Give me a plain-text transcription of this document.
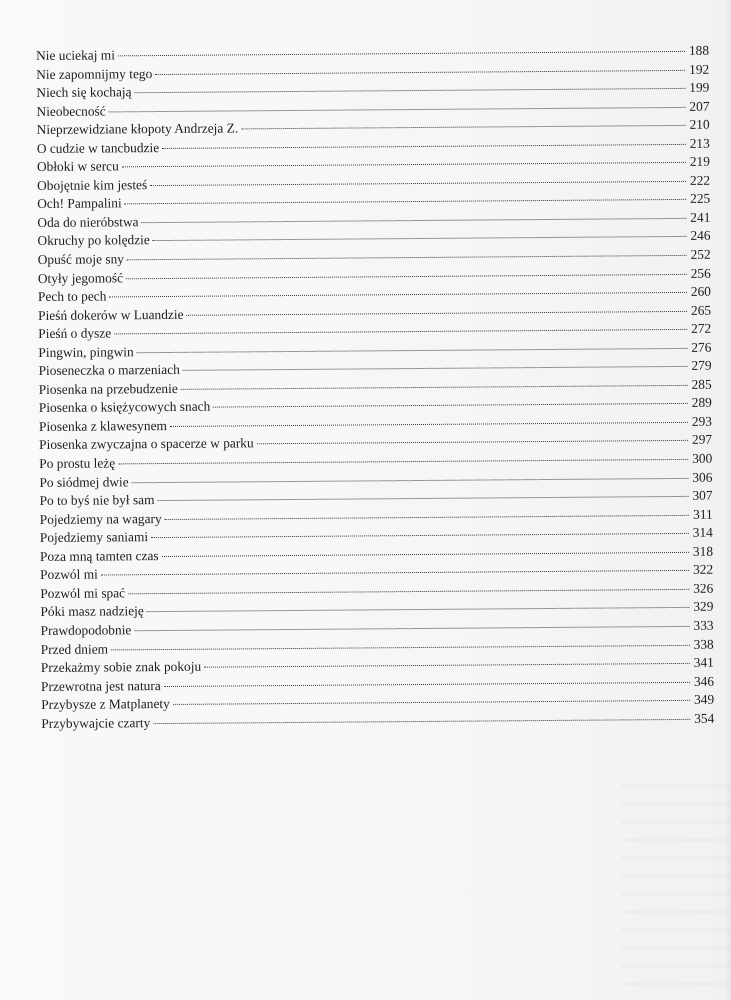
Nie uciekaj mi	188
Nie zapomnijmy tego	192
Niech się kochają	199
Nieobecność	207
Nieprzewidziane kłopoty Andrzeja Z.	210
O cudzie w tancbudzie	213
Obłoki w sercu	219
Obojętnie kim jesteś	222
Och! Pampalini	225
Oda do nieróbstwa	241
Okruchy po kolędzie	246
Opuść moje sny	252
Otyły jegomość	256
Pech to pech	260
Pieśń dokerów w Luandzie	265
Pieśń o dysze	272
Pingwin, pingwin	276
Pioseneczka o marzeniach	279
Piosenka na przebudzenie	285
Piosenka o księżycowych snach	289
Piosenka z klawesynem	293
Piosenka zwyczajna o spacerze w parku	297
Po prostu leżę	300
Po siódmej dwie	306
Po to byś nie był sam	307
Pojedziemy na wagary	311
Pojedziemy saniami	314
Poza mną tamten czas	318
Pozwól mi	322
Pozwól mi spać	326
Póki masz nadzieję	329
Prawdopodobnie	333
Przed dniem	338
Przekażmy sobie znak pokoju	341
Przewrotna jest natura	346
Przybysze z Matplanety	349
Przybywajcie czarty	354
